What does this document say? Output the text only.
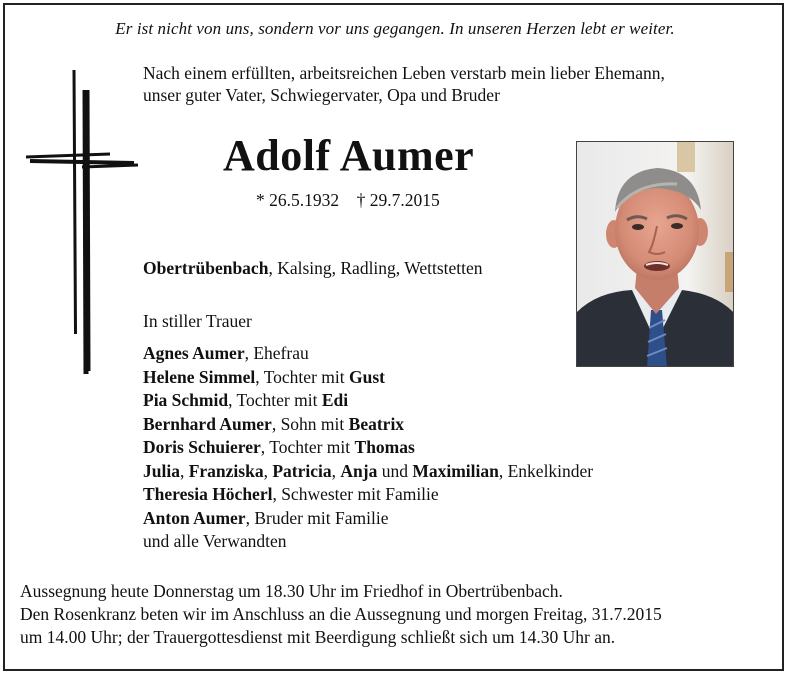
Er ist nicht von uns, sondern vor uns gegangen. In unseren Herzen lebt er weiter.
Nach einem erfüllten, arbeitsreichen Leben verstarb mein lieber Ehemann,
unser guter Vater, Schwiegervater, Opa und Bruder
Adolf Aumer
* 26.5.1932 † 29.7.2015
Obertrübenbach, Kalsing, Radling, Wettstetten
In stiller Trauer
Agnes Aumer, Ehefrau
Helene Simmel, Tochter mit Gust
Pia Schmid, Tochter mit Edi
Bernhard Aumer, Sohn mit Beatrix
Doris Schuierer, Tochter mit Thomas
Julia, Franziska, Patricia, Anja und Maximilian, Enkelkinder
Theresia Höcherl, Schwester mit Familie
Anton Aumer, Bruder mit Familie
und alle Verwandten
Aussegnung heute Donnerstag um 18.30 Uhr im Friedhof in Obertrübenbach.
Den Rosenkranz beten wir im Anschluss an die Aussegnung und morgen Freitag, 31.7.2015
um 14.00 Uhr; der Trauergottesdienst mit Beerdigung schließt sich um 14.30 Uhr an.
